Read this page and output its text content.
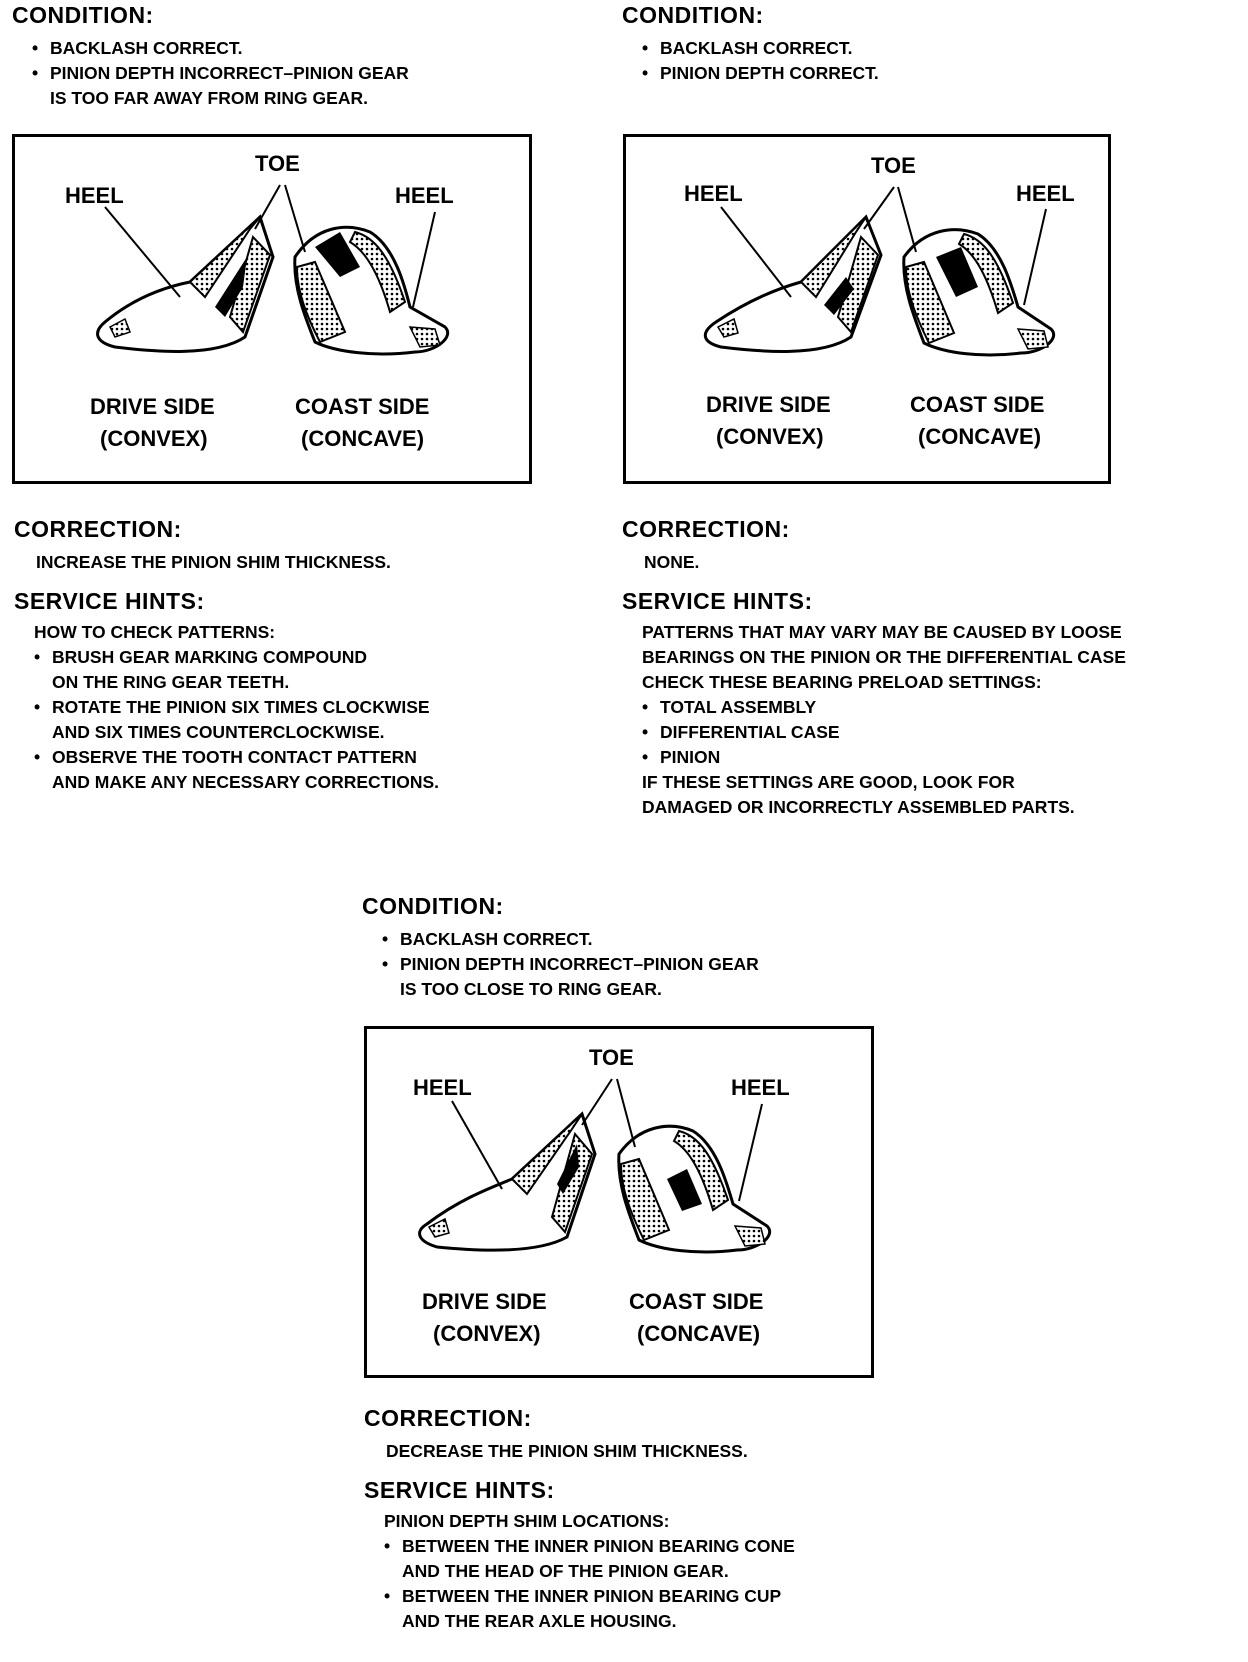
CONDITION:

• BACKLASH CORRECT.
• PINION DEPTH INCORRECT–PINION GEAR
IS TOO FAR AWAY FROM RING GEAR.
TOE
HEEL	HEEL
DRIVE SIDE
(CONVEX)
COAST SIDE
(CONCAVE)

CORRECTION:

INCREASE THE PINION SHIM THICKNESS.

SERVICE HINTS:

HOW TO CHECK PATTERNS:
• BRUSH GEAR MARKING COMPOUND
ON THE RING GEAR TEETH.
• ROTATE THE PINION SIX TIMES CLOCKWISE
AND SIX TIMES COUNTERCLOCKWISE.
• OBSERVE THE TOOTH CONTACT PATTERN
AND MAKE ANY NECESSARY CORRECTIONS.

CONDITION:

• BACKLASH CORRECT.
• PINION DEPTH CORRECT.
TOE
HEEL	HEEL
DRIVE SIDE
(CONVEX)
COAST SIDE
(CONCAVE)

CORRECTION:

NONE.

SERVICE HINTS:

PATTERNS THAT MAY VARY MAY BE CAUSED BY LOOSE
BEARINGS ON THE PINION OR THE DIFFERENTIAL CASE
CHECK THESE BEARING PRELOAD SETTINGS:
• TOTAL ASSEMBLY
• DIFFERENTIAL CASE
• PINION
IF THESE SETTINGS ARE GOOD, LOOK FOR
DAMAGED OR INCORRECTLY ASSEMBLED PARTS.

CONDITION:

• BACKLASH CORRECT.
• PINION DEPTH INCORRECT–PINION GEAR
IS TOO CLOSE TO RING GEAR.
TOE
HEEL	HEEL
DRIVE SIDE
(CONVEX)
COAST SIDE
(CONCAVE)

CORRECTION:

DECREASE THE PINION SHIM THICKNESS.

SERVICE HINTS:

PINION DEPTH SHIM LOCATIONS:
• BETWEEN THE INNER PINION BEARING CONE
AND THE HEAD OF THE PINION GEAR.
• BETWEEN THE INNER PINION BEARING CUP
AND THE REAR AXLE HOUSING.
